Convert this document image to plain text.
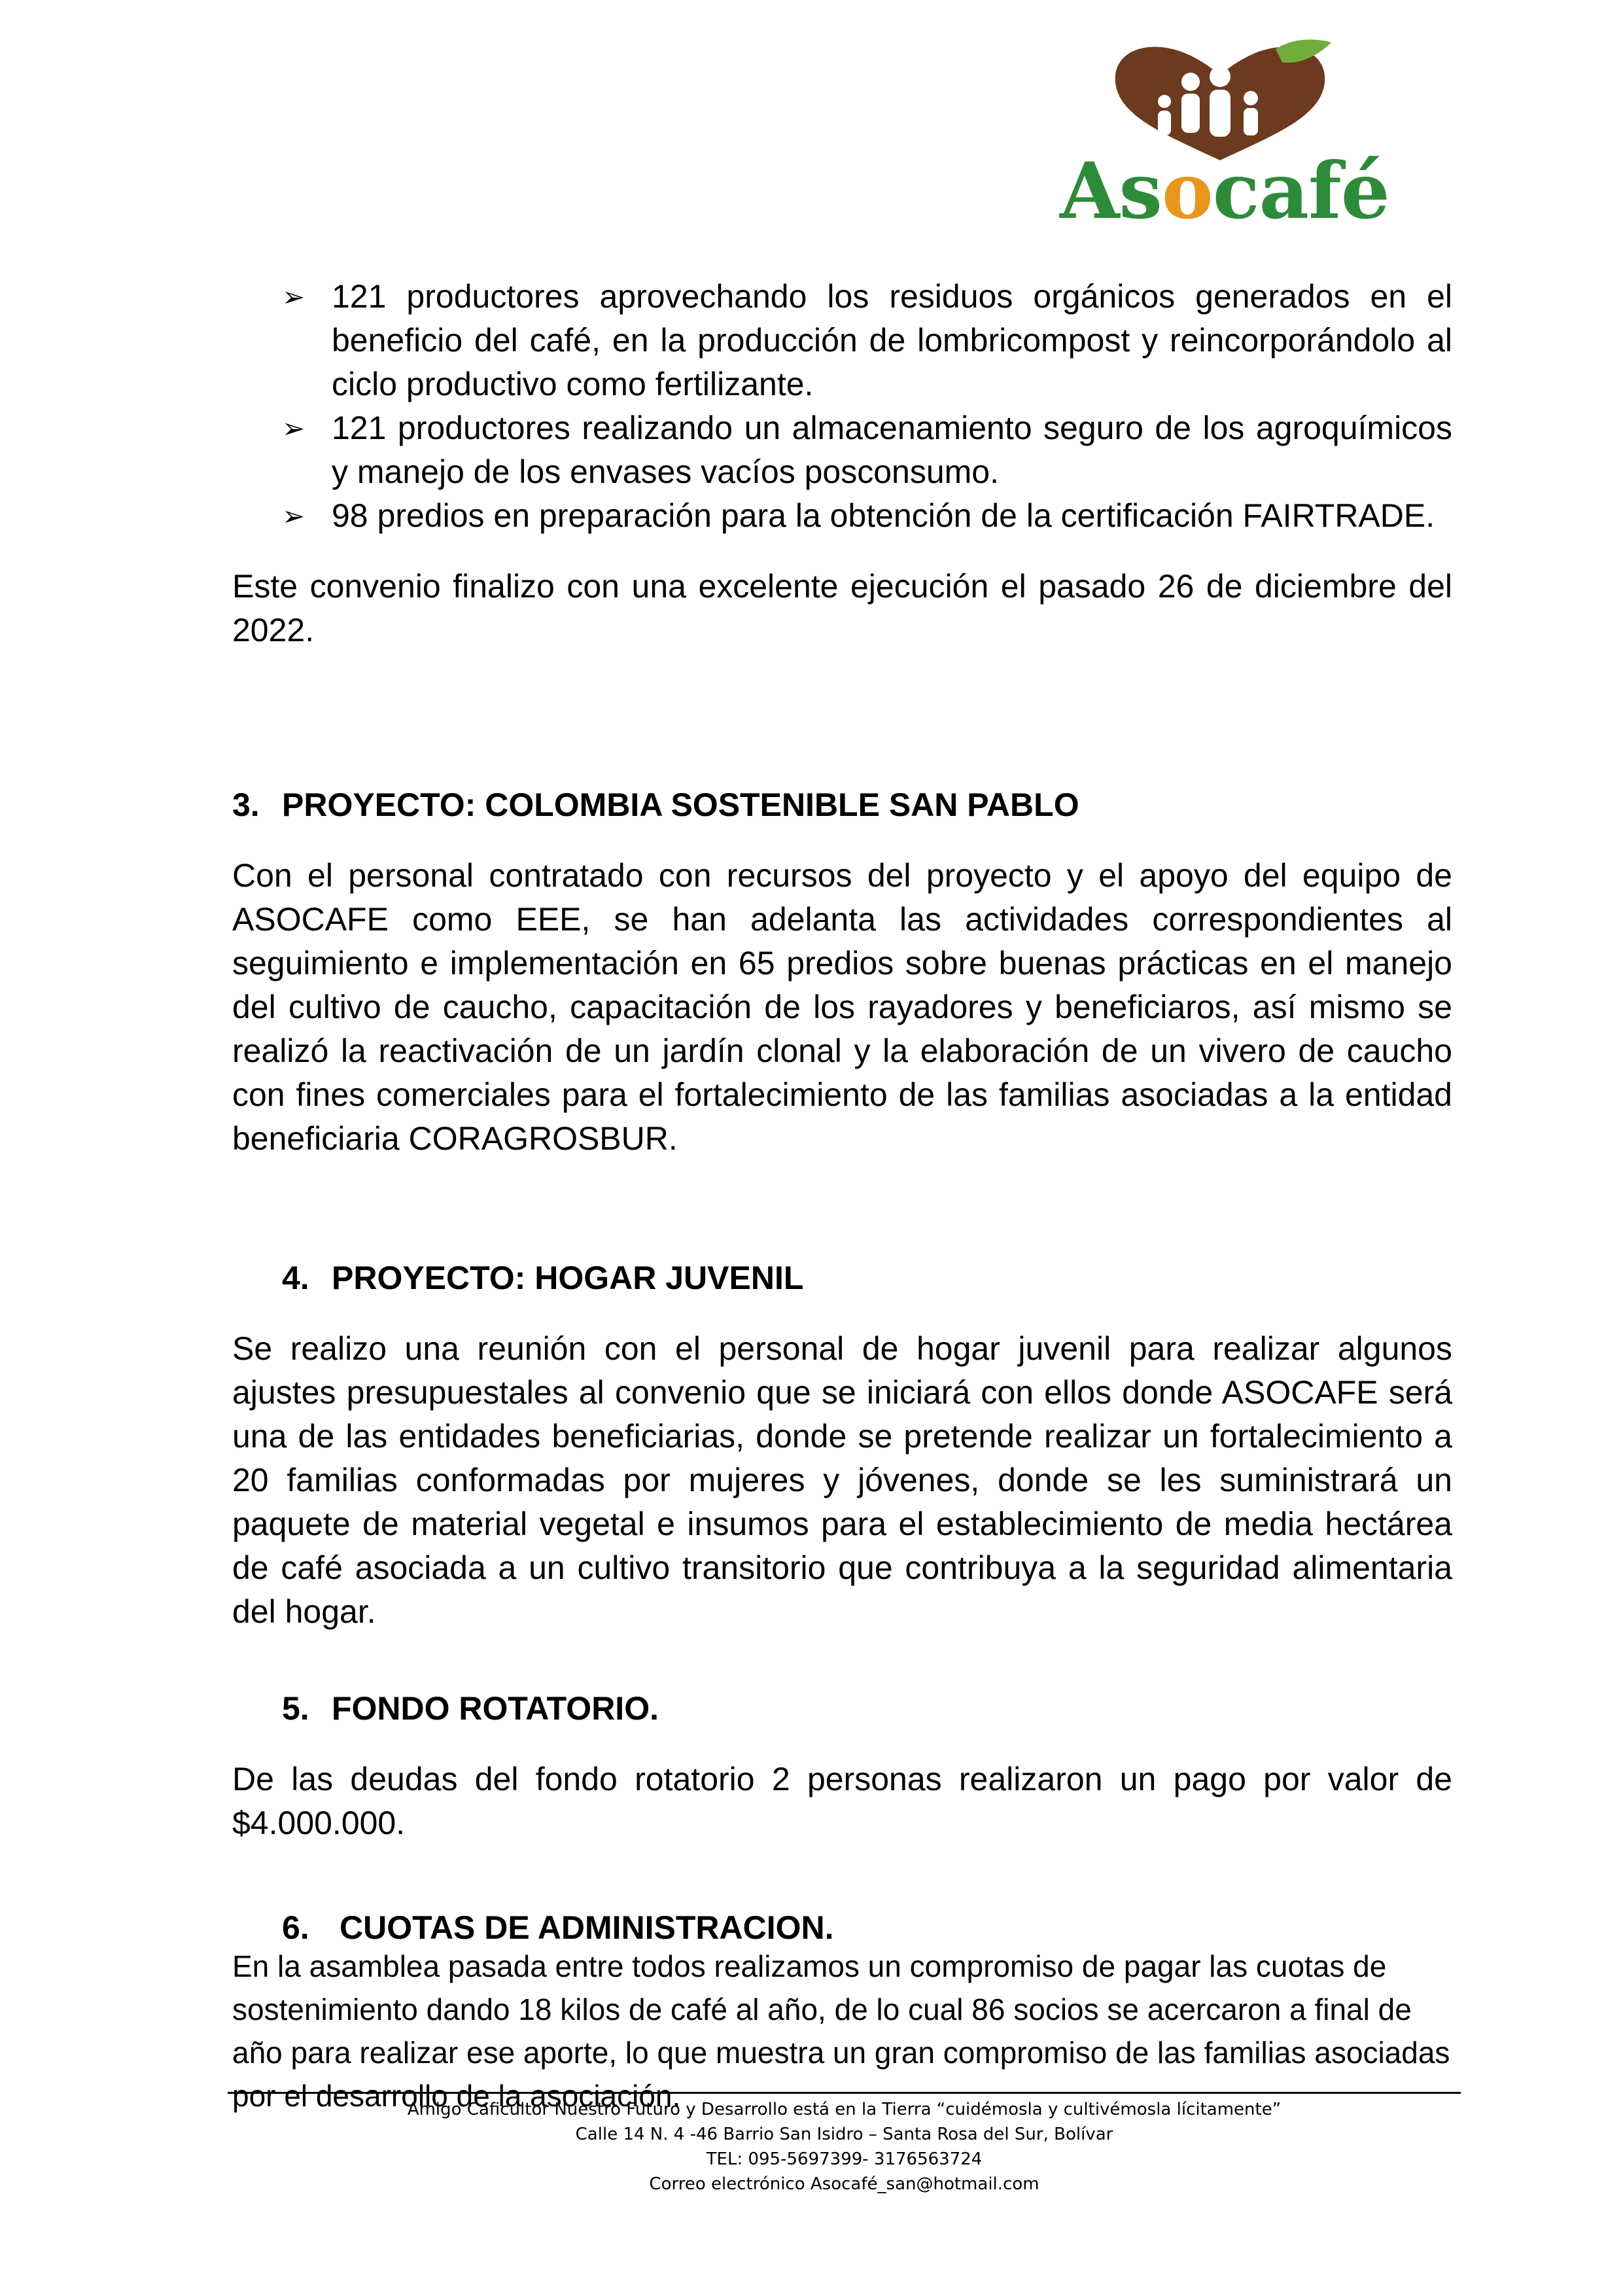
Asocafé
➢ 121 productores aprovechando los residuos orgánicos generados en el beneficio del café, en la producción de lombricompost y reincorporándolo al ciclo productivo como fertilizante.
➢ 121 productores realizando un almacenamiento seguro de los agroquímicos y manejo de los envases vacíos posconsumo.
➢ 98 predios en preparación para la obtención de la certificación FAIRTRADE.

Este convenio finalizo con una excelente ejecución el pasado 26 de diciembre del 2022.

3. PROYECTO: COLOMBIA SOSTENIBLE SAN PABLO

Con el personal contratado con recursos del proyecto y el apoyo del equipo de ASOCAFE como EEE, se han adelanta las actividades correspondientes al seguimiento e implementación en 65 predios sobre buenas prácticas en el manejo del cultivo de caucho, capacitación de los rayadores y beneficiaros, así mismo se realizó la reactivación de un jardín clonal y la elaboración de un vivero de caucho con fines comerciales para el fortalecimiento de las familias asociadas a la entidad beneficiaria CORAGROSBUR.

4. PROYECTO: HOGAR JUVENIL

Se realizo una reunión con el personal de hogar juvenil para realizar algunos ajustes presupuestales al convenio que se iniciará con ellos donde ASOCAFE será una de las entidades beneficiarias, donde se pretende realizar un fortalecimiento a 20 familias conformadas por mujeres y jóvenes, donde se les suministrará un paquete de material vegetal e insumos para el establecimiento de media hectárea de café asociada a un cultivo transitorio que contribuya a la seguridad alimentaria del hogar.

5. FONDO ROTATORIO.

De las deudas del fondo rotatorio 2 personas realizaron un pago por valor de $4.000.000.

6. CUOTAS DE ADMINISTRACION.

En la asamblea pasada entre todos realizamos un compromiso de pagar las cuotas de sostenimiento dando 18 kilos de café al año, de lo cual 86 socios se acercaron a final de año para realizar ese aporte, lo que muestra un gran compromiso de las familias asociadas por el desarrollo de la asociación.

Amigo Caficultor Nuestro Futuro y Desarrollo está en la Tierra “cuidémosla y cultivémosla lícitamente”
Calle 14 N. 4 -46 Barrio San Isidro – Santa Rosa del Sur, Bolívar
TEL: 095-5697399- 3176563724
Correo electrónico Asocafé_san@hotmail.com
